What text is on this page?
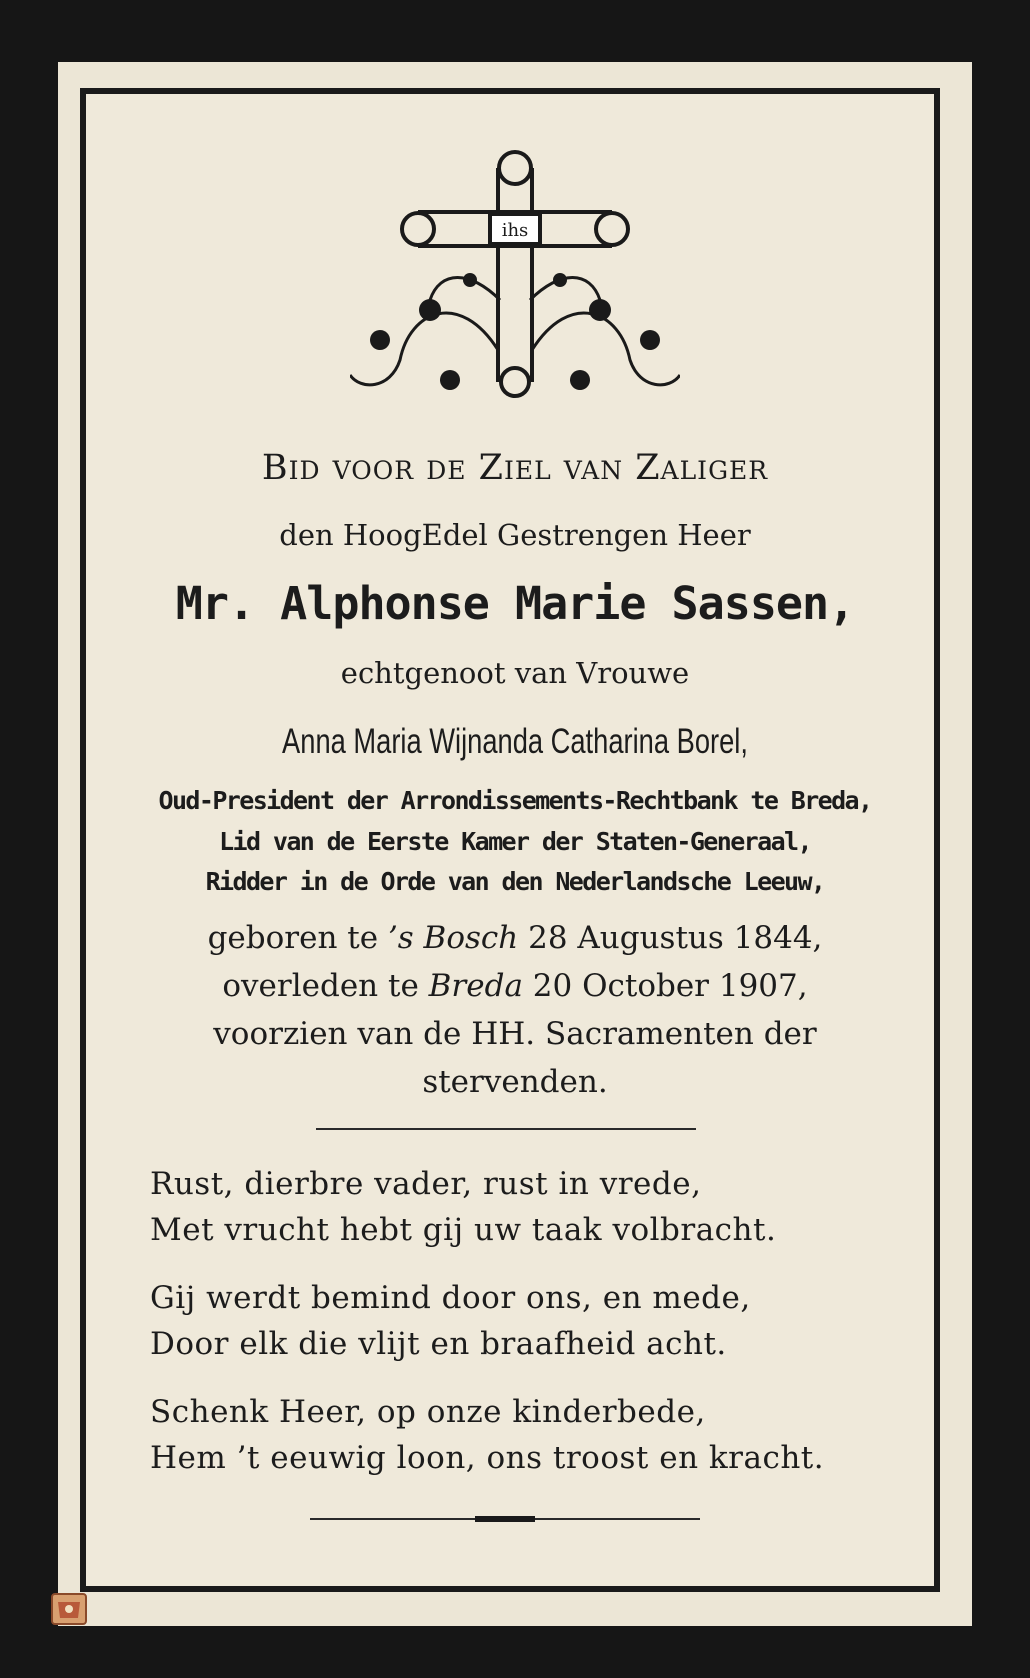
ihs
Bid voor de Ziel van Zaliger
den HoogEdel Gestrengen Heer
Mr. Alphonse Marie Sassen,
echtgenoot van Vrouwe
Anna Maria Wijnanda Catharina Borel,
Oud-President der Arrondissements-Rechtbank te Breda,
Lid van de Eerste Kamer der Staten-Generaal,
Ridder in de Orde van den Nederlandsche Leeuw,
geboren te ’s Bosch 28 Augustus 1844,
overleden te Breda 20 October 1907,
voorzien van de HH. Sacramenten der
stervenden.
Rust, dierbre vader, rust in vrede,
Met vrucht hebt gij uw taak volbracht.
Gij werdt bemind door ons, en mede,
Door elk die vlijt en braafheid acht.
Schenk Heer, op onze kinderbede,
Hem ’t eeuwig loon, ons troost en kracht.
